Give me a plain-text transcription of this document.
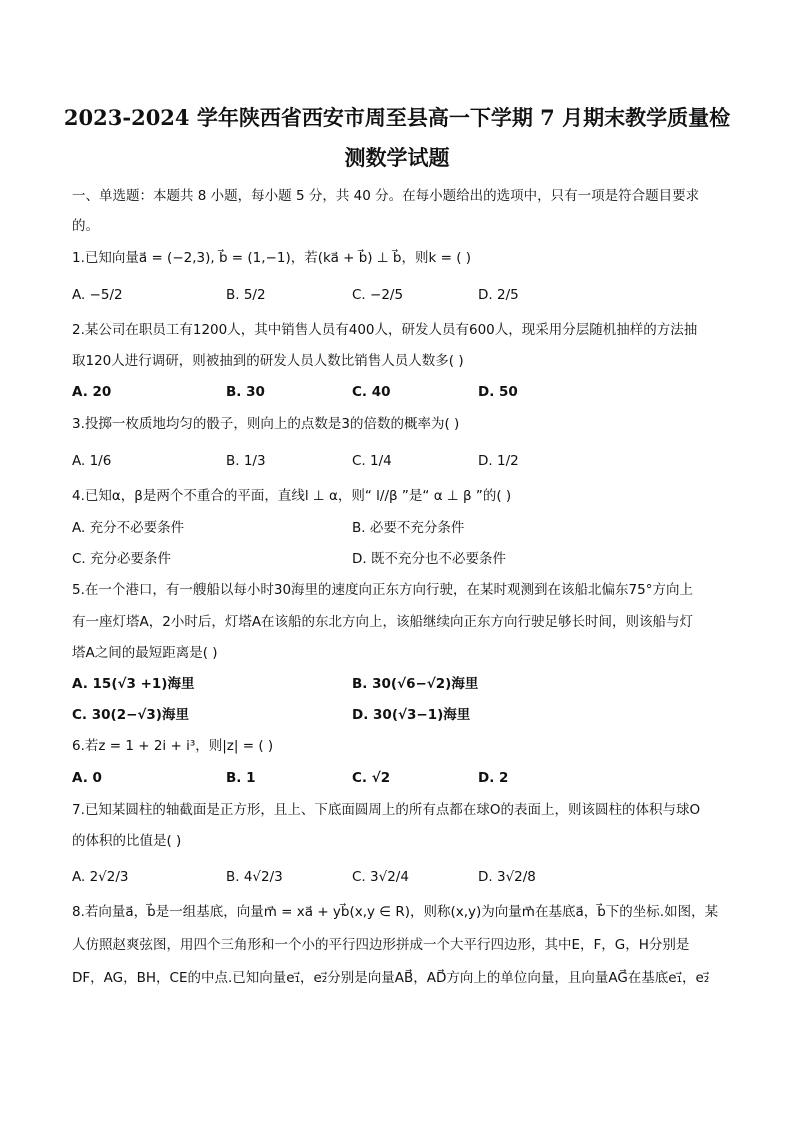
2023-2024 学年陕西省西安市周至县高一下学期 7 月期末教学质量检
测数学试题
一、单选题：本题共 8 小题，每小题 5 分，共 40 分。在每小题给出的选项中，只有一项是符合题目要求
的。
1.已知向量a⃗ = (−2,3), b⃗ = (1,−1)，若(ka⃗ + b⃗) ⊥ b⃗，则k = ( )
A. −5/2	B. 5/2	C. −2/5	D. 2/5
2.某公司在职员工有1200人，其中销售人员有400人，研发人员有600人，现采用分层随机抽样的方法抽
取120人进行调研，则被抽到的研发人员人数比销售人员人数多( )
A. 20	B. 30	C. 40	D. 50
3.投掷一枚质地均匀的骰子，则向上的点数是3的倍数的概率为( )
A. 1/6	B. 1/3	C. 1/4	D. 1/2
4.已知α，β是两个不重合的平面，直线l ⊥ α，则“ l//β ”是“ α ⊥ β ”的( )
A. 充分不必要条件	B. 必要不充分条件
C. 充分必要条件	D. 既不充分也不必要条件
5.在一个港口，有一艘船以每小时30海里的速度向正东方向行驶，在某时观测到在该船北偏东75°方向上
有一座灯塔A，2小时后，灯塔A在该船的东北方向上，该船继续向正东方向行驶足够长时间，则该船与灯
塔A之间的最短距离是( )
A. 15(√3 +1)海里	B. 30(√6−√2)海里
C. 30(2−√3)海里	D. 30(√3−1)海里
6.若z = 1 + 2i + i³，则|z| = ( )
A. 0	B. 1	C. √2	D. 2
7.已知某圆柱的轴截面是正方形，且上、下底面圆周上的所有点都在球O的表面上，则该圆柱的体积与球O
的体积的比值是( )
A. 2√2/3	B. 4√2/3	C. 3√2/4	D. 3√2/8
8.若向量a⃗，b⃗是一组基底，向量m⃗ = xa⃗ + yb⃗(x,y ∈ R)，则称(x,y)为向量m⃗在基底a⃗，b⃗下的坐标.如图，某
人仿照赵爽弦图，用四个三角形和一个小的平行四边形拼成一个大平行四边形，其中E，F，G，H分别是
DF，AG，BH，CE的中点.已知向量e₁⃗，e₂⃗分别是向量AB⃗，AD⃗方向上的单位向量，且向量AG⃗在基底e₁⃗，e₂⃗
